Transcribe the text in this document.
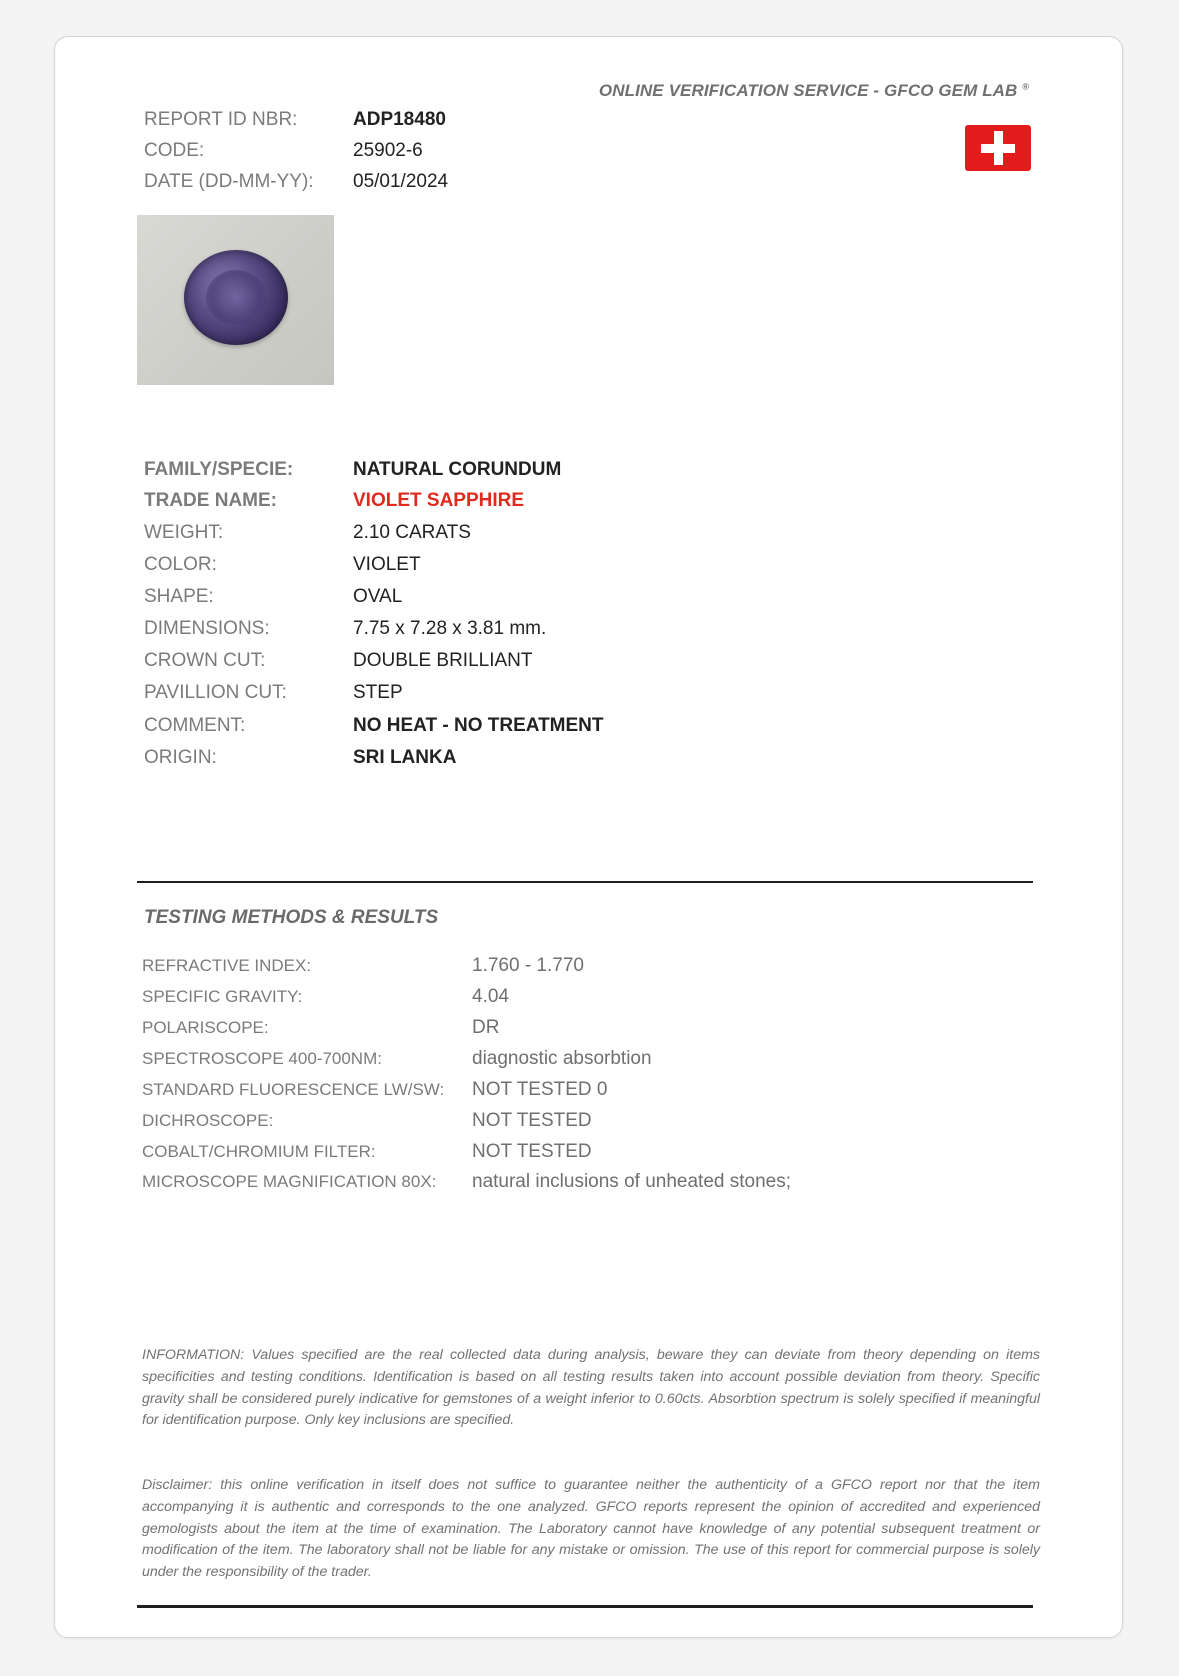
ONLINE VERIFICATION SERVICE - GFCO GEM LAB ®
REPORT ID NBR:	ADP18480
CODE:	25902-6
DATE (DD-MM-YY):	05/01/2024
FAMILY/SPECIE:	NATURAL CORUNDUM
TRADE NAME:	VIOLET SAPPHIRE
WEIGHT:	2.10 CARATS
COLOR:	VIOLET
SHAPE:	OVAL
DIMENSIONS:	7.75 x 7.28 x 3.81 mm.
CROWN CUT:	DOUBLE BRILLIANT
PAVILLION CUT:	STEP
COMMENT:	NO HEAT - NO TREATMENT
ORIGIN:	SRI LANKA
TESTING METHODS & RESULTS
REFRACTIVE INDEX:	1.760 - 1.770
SPECIFIC GRAVITY:	4.04
POLARISCOPE:	DR
SPECTROSCOPE 400-700NM:	diagnostic absorbtion
STANDARD FLUORESCENCE LW/SW:	NOT TESTED 0
DICHROSCOPE:	NOT TESTED
COBALT/CHROMIUM FILTER:	NOT TESTED
MICROSCOPE MAGNIFICATION 80X:	natural inclusions of unheated stones;
INFORMATION: Values specified are the real collected data during analysis, beware they can deviate from theory depending on items specificities and testing conditions. Identification is based on all testing results taken into account possible deviation from theory. Specific gravity shall be considered purely indicative for gemstones of a weight inferior to 0.60cts. Absorbtion spectrum is solely specified if meaningful for identification purpose. Only key inclusions are specified.
Disclaimer: this online verification in itself does not suffice to guarantee neither the authenticity of a GFCO report nor that the item accompanying it is authentic and corresponds to the one analyzed. GFCO reports represent the opinion of accredited and experienced gemologists about the item at the time of examination. The Laboratory cannot have knowledge of any potential subsequent treatment or modification of the item. The laboratory shall not be liable for any mistake or omission. The use of this report for commercial purpose is solely under the responsibility of the trader.
